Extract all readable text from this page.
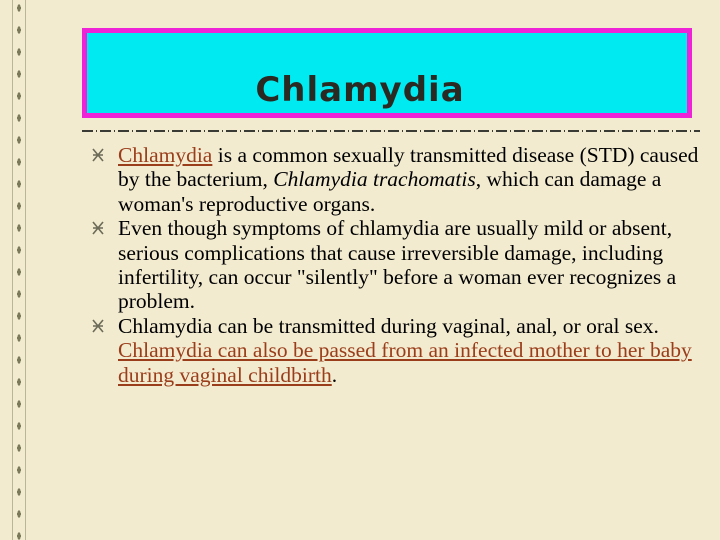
Chlamydia
Chlamydia is a common sexually transmitted disease (STD) caused by the bacterium, Chlamydia trachomatis, which can damage a woman's reproductive organs.
Even though symptoms of chlamydia are usually mild or absent, serious complications that cause irreversible damage, including infertility, can occur "silently" before a woman ever recognizes a problem.
Chlamydia can be transmitted during vaginal, anal, or oral sex. Chlamydia can also be passed from an infected mother to her baby during vaginal childbirth.
